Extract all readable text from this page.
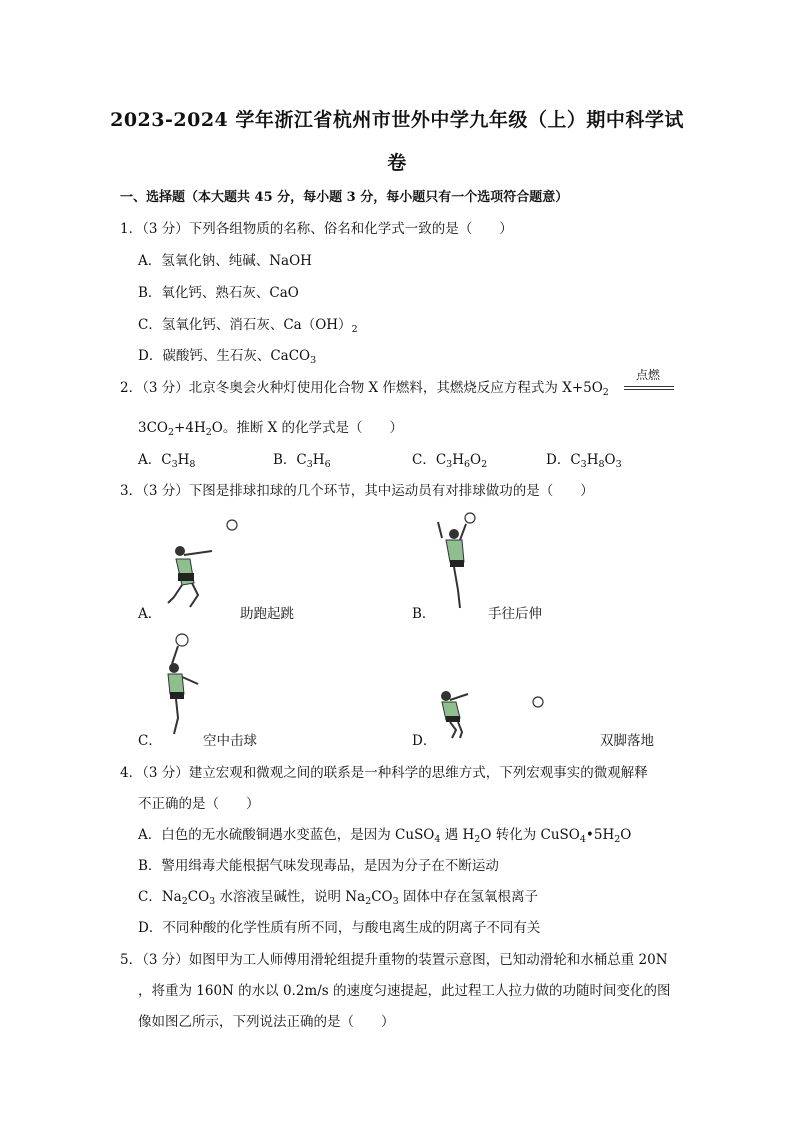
2023-2024 学年浙江省杭州市世外中学九年级（上）期中科学试
卷
一、选择题（本大题共 45 分，每小题 3 分，每小题只有一个选项符合题意）
1．（3 分）下列各组物质的名称、俗名和化学式一致的是（　　）
A．氢氧化钠、纯碱、NaOH
B．氧化钙、熟石灰、CaO
C．氢氧化钙、消石灰、$Ca(OH)_2$
D．碳酸钙、生石灰、CaCO$_3$
2．（3 分）北京冬奥会火种灯使用化合物 X 作燃料，其燃烧反应方程式为 $X+5O_2$
点燃
$3CO_2+4H_2O$。推断 X 的化学式是（　　）
A．$C_3H_8$	B．$C_3H_6$	C．$C_3H_6O_2$	D．$C_3H_8O_3$
3．（3 分）下图是排球扣球的几个环节，其中运动员有对排球做功的是（　　）
A．	助跑起跳	B．	手往后伸
C．	空中击球	D．	双脚落地
4．（3 分）建立宏观和微观之间的联系是一种科学的思维方式，下列宏观事实的微观解释
不正确的是（　　）
A．白色的无水硫酸铜遇水变蓝色，是因为 CuSO$_4$ 遇 $H_2O$ 转化为 $CuSO_4•5H_2O$
B．警用缉毒犬能根据气味发现毒品，是因为分子在不断运动
C．$Na_2CO_3$ 水溶液呈碱性，说明 $Na_2CO_3$ 固体中存在氢氧根离子
D．不同种酸的化学性质有所不同，与酸电离生成的阴离子不同有关
5．（3 分）如图甲为工人师傅用滑轮组提升重物的装置示意图，已知动滑轮和水桶总重 20N
，将重为 160N 的水以 0.2m/s 的速度匀速提起，此过程工人拉力做的功随时间变化的图
像如图乙所示，下列说法正确的是（　　）
